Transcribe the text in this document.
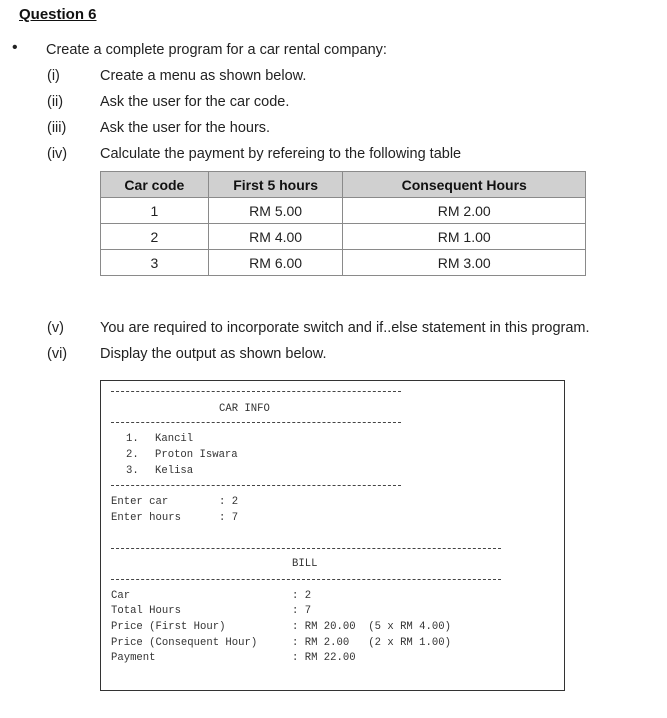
Question 6
• Create a complete program for a car rental company:
(i)	Create a menu as shown below.
(ii)	Ask the user for the car code.
(iii) Ask the user for the hours.
(iv) Calculate the payment by refereing to the following table
Car code	First 5 hours	Consequent Hours
1	RM 5.00	RM 2.00
2	RM 4.00	RM 1.00
3	RM 6.00	RM 3.00
(v) You are required to incorporate switch and if..else statement in this program.
(vi) Display the output as shown below.
CAR INFO
1. Kancil
2. Proton Iswara
3. Kelisa
Enter car	: 2
Enter hours	: 7
BILL
Car	: 2
Total Hours	: 7
Price (First Hour)	: RM 20.00  (5 x RM 4.00)
Price (Consequent Hour)	: RM 2.00   (2 x RM 1.00)
Payment	: RM 22.00
